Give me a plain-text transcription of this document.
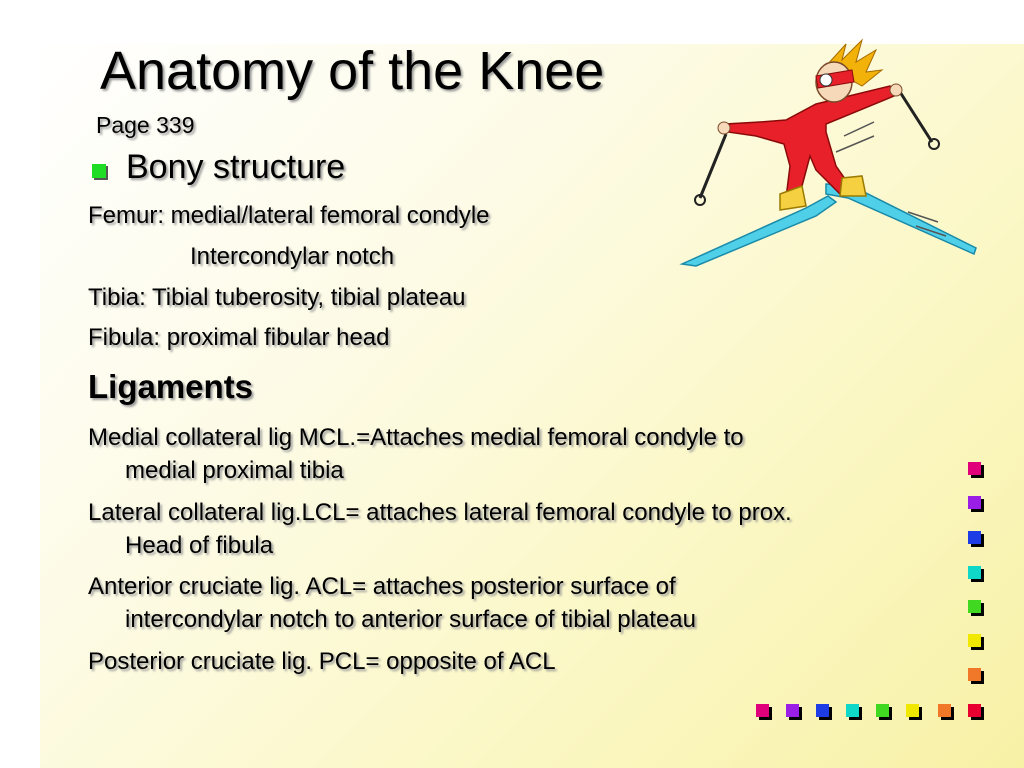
Anatomy of the Knee
Page 339
Bony structure
Femur: medial/lateral femoral condyle
Intercondylar notch
Tibia: Tibial tuberosity, tibial plateau
Fibula: proximal fibular head
Ligaments
Medial collateral lig MCL.=Attaches medial femoral condyle to
medial proximal tibia
Lateral collateral lig.LCL= attaches lateral femoral condyle to prox.
Head of fibula
Anterior cruciate lig. ACL= attaches posterior surface of
intercondylar notch to anterior surface of tibial plateau
Posterior cruciate lig. PCL= opposite of ACL
